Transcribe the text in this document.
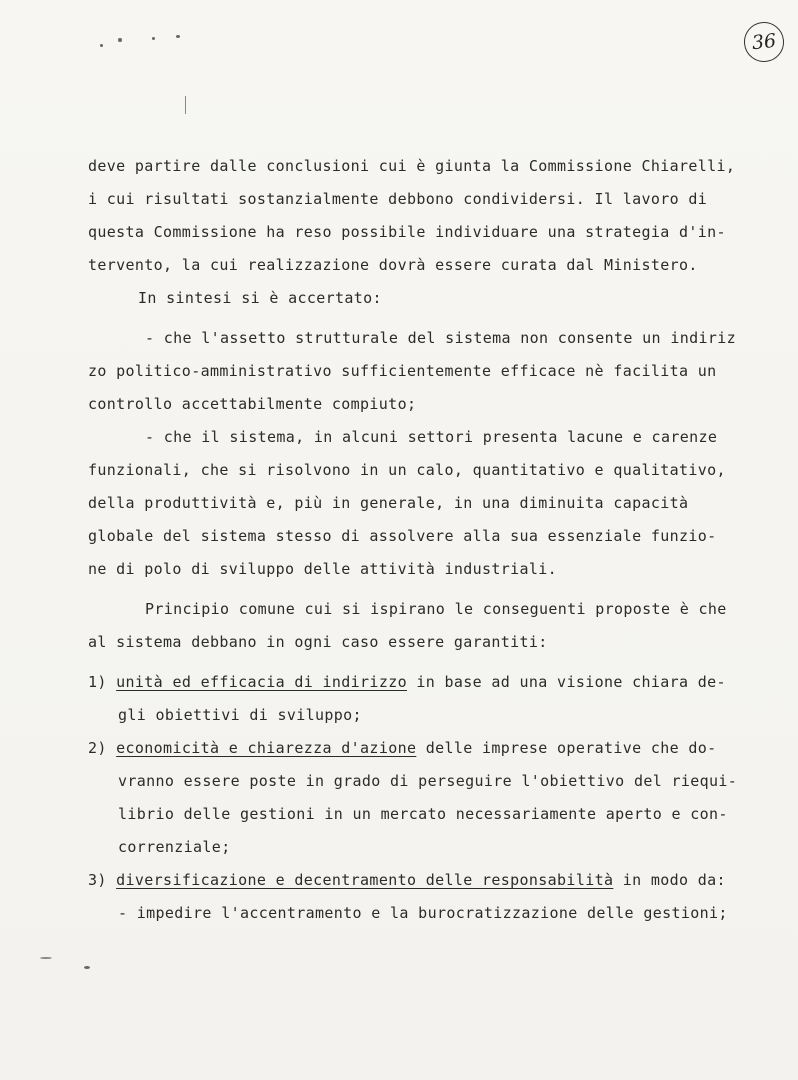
36
deve partire dalle conclusioni cui è giunta la Commissione Chiarelli,
i cui risultati sostanzialmente debbono condividersi. Il lavoro di
questa Commissione ha reso possibile individuare una strategia d'in-
tervento, la cui realizzazione dovrà essere curata dal Ministero.
In sintesi si è accertato:
- che l'assetto strutturale del sistema non consente un indiriz
zo politico-amministrativo sufficientemente efficace nè facilita un
controllo accettabilmente compiuto;
- che il sistema, in alcuni settori presenta lacune e carenze
funzionali, che si risolvono in un calo, quantitativo e qualitativo,
della produttività e, più in generale, in una diminuita capacità
globale del sistema stesso di assolvere alla sua essenziale funzio-
ne di polo di sviluppo delle attività industriali.
Principio comune cui si ispirano le conseguenti proposte è che
al sistema debbano in ogni caso essere garantiti:
1) unità ed efficacia di indirizzo in base ad una visione chiara de-
gli obiettivi di sviluppo;
2) economicità e chiarezza d'azione delle imprese operative che do-
vranno essere poste in grado di perseguire l'obiettivo del riequi-
librio delle gestioni in un mercato necessariamente aperto e con-
correnziale;
3) diversificazione e decentramento delle responsabilità in modo da:
- impedire l'accentramento e la burocratizzazione delle gestioni;
